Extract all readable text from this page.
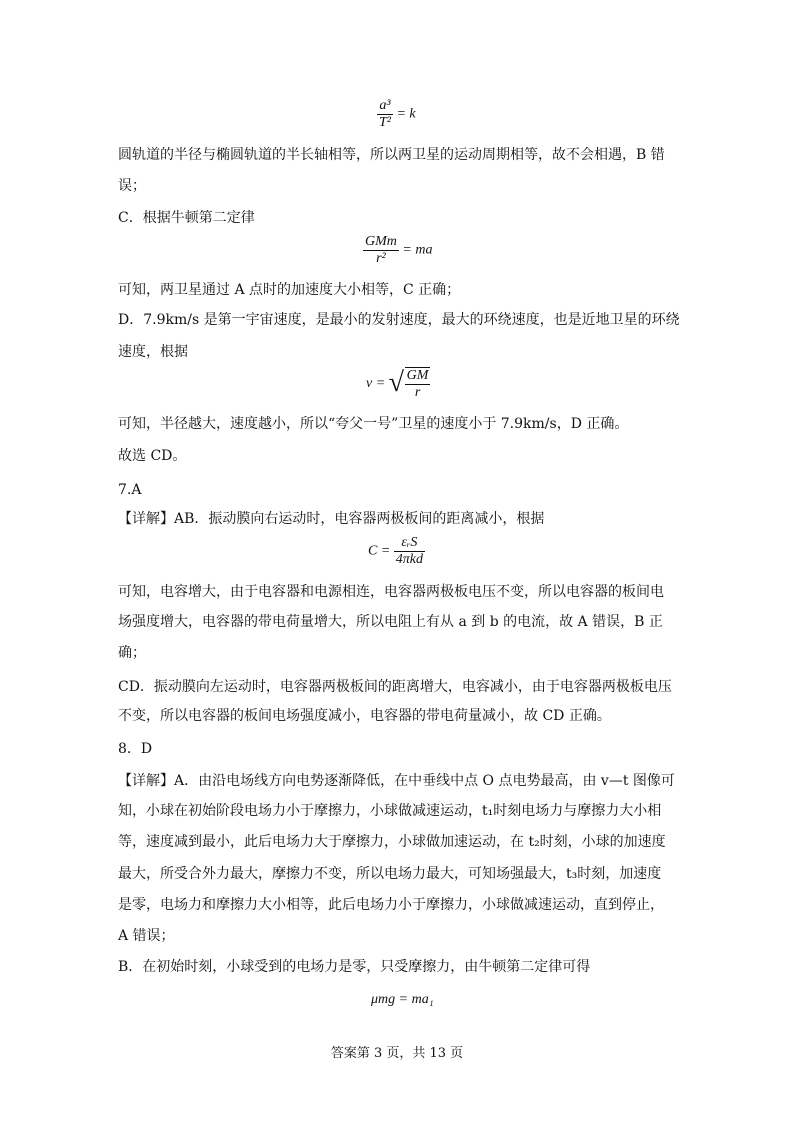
$\frac{\text{a³}}{\text{T²}} = k$
圆轨道的半径与椭圆轨道的半长轴相等，所以两卫星的运动周期相等，故不会相遇，B 错
误；
C．根据牛顿第二定律
$\frac{\text{GMm}}{\text{r²}}$ = ma
可知，两卫星通过 A 点时的加速度大小相等，C 正确；
D．7.9km/s 是第一宇宙速度，是最小的发射速度，最大的环绕速度，也是近地卫星的环绕
速度，根据
v = √ $\frac{GM}{r}$
可知，半径越大，速度越小，所以“夸父一号”卫星的速度小于 7.9km/s，D 正确。
故选 CD。
7.A
【详解】AB．振动膜向右运动时，电容器两极板间的距离减小，根据
$C = \frac{\text{εᵣS}}{\text{4πkd}}$
可知，电容增大，由于电容器和电源相连，电容器两极板电压不变，所以电容器的板间电
场强度增大，电容器的带电荷量增大，所以电阻上有从 a 到 b 的电流，故 A 错误，B 正
确；
CD．振动膜向左运动时，电容器两极板间的距离增大，电容减小，由于电容器两极板电压
不变，所以电容器的板间电场强度减小，电容器的带电荷量减小，故 CD 正确。
8．D
【详解】A．由沿电场线方向电势逐渐降低，在中垂线中点 O 点电势最高，由 v—t 图像可
知，小球在初始阶段电场力小于摩擦力，小球做减速运动，t₁时刻电场力与摩擦力大小相
等，速度减到最小，此后电场力大于摩擦力，小球做加速运动，在 t₂时刻，小球的加速度
最大，所受合外力最大，摩擦力不变，所以电场力最大，可知场强最大，t₃时刻，加速度
是零，电场力和摩擦力大小相等，此后电场力小于摩擦力，小球做减速运动，直到停止，
A 错误；
B．在初始时刻，小球受到的电场力是零，只受摩擦力，由牛顿第二定律可得
μmg = ma₁
答案第 3 页，共 13 页
